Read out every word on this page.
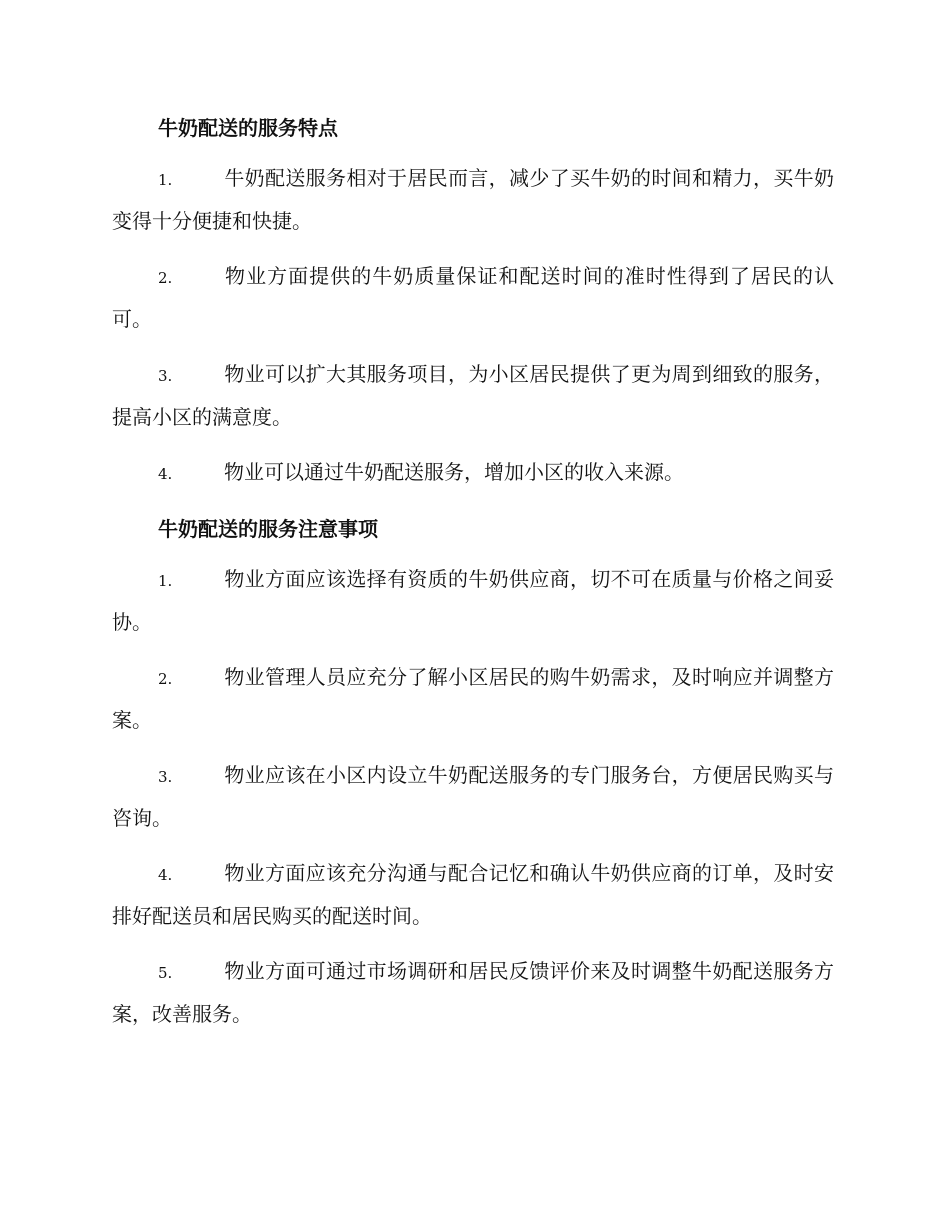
牛奶配送的服务特点
1.	牛奶配送服务相对于居民而言，减少了买牛奶的时间和精力，买牛奶变得十分便捷和快捷。
2.	物业方面提供的牛奶质量保证和配送时间的准时性得到了居民的认可。
3.	物业可以扩大其服务项目，为小区居民提供了更为周到细致的服务，提高小区的满意度。
4.	物业可以通过牛奶配送服务，增加小区的收入来源。
牛奶配送的服务注意事项
1.	物业方面应该选择有资质的牛奶供应商，切不可在质量与价格之间妥协。
2.	物业管理人员应充分了解小区居民的购牛奶需求，及时响应并调整方案。
3.	物业应该在小区内设立牛奶配送服务的专门服务台，方便居民购买与咨询。
4.	物业方面应该充分沟通与配合记忆和确认牛奶供应商的订单，及时安排好配送员和居民购买的配送时间。
5.	物业方面可通过市场调研和居民反馈评价来及时调整牛奶配送服务方案，改善服务。
